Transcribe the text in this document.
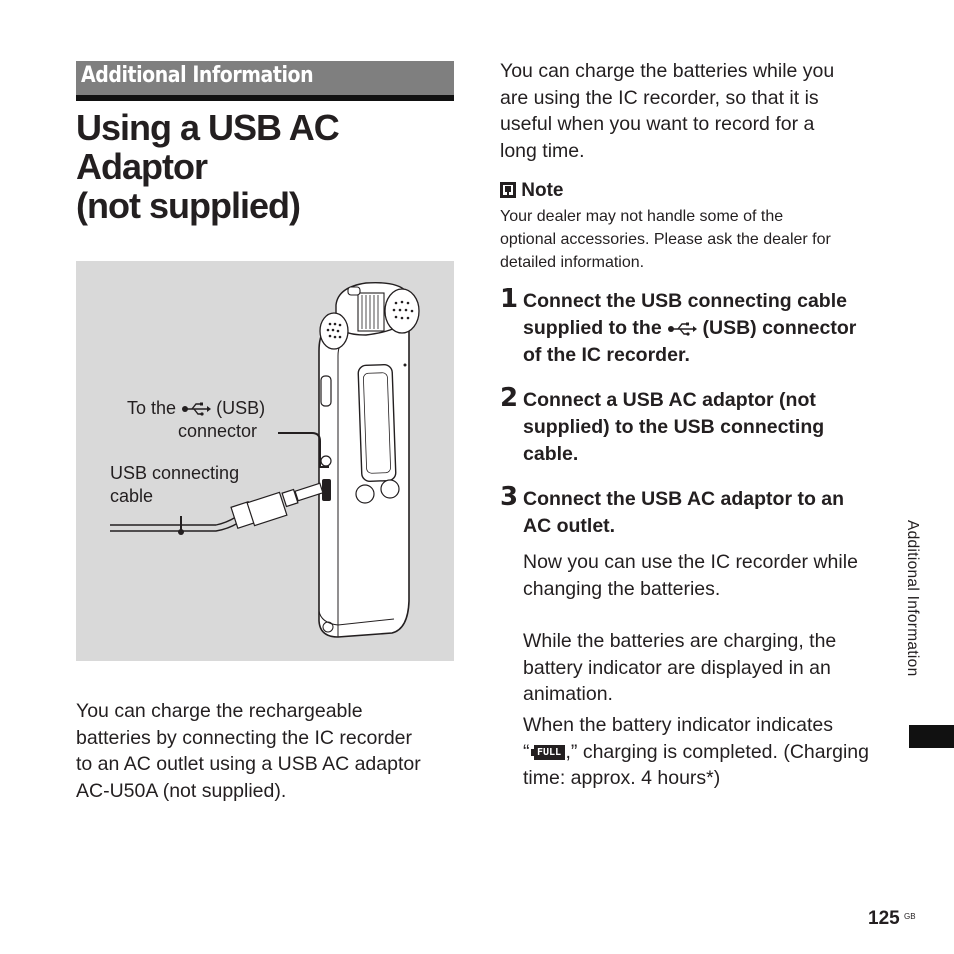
Additional Information
Using a USB AC
Adaptor
(not supplied)
To the (USB)
connector
USB connecting
cable
You can charge the rechargeable
batteries by connecting the IC recorder
to an AC outlet using a USB AC adaptor
AC-U50A (not supplied).
You can charge the batteries while you
are using the IC recorder, so that it is
useful when you want to record for a
long time.
Note
Your dealer may not handle some of the
optional accessories. Please ask the dealer for
detailed information.
1 Connect the USB connecting cable
supplied to the (USB) connector
of the IC recorder.
2 Connect a USB AC adaptor (not
supplied) to the USB connecting
cable.
3 Connect the USB AC adaptor to an
AC outlet.
Now you can use the IC recorder while
changing the batteries.
While the batteries are charging, the
battery indicator are displayed in an
animation.
When the battery indicator indicates
“ FULL ,” charging is completed. (Charging
time: approx. 4 hours*)
Additional Information
125 GB
